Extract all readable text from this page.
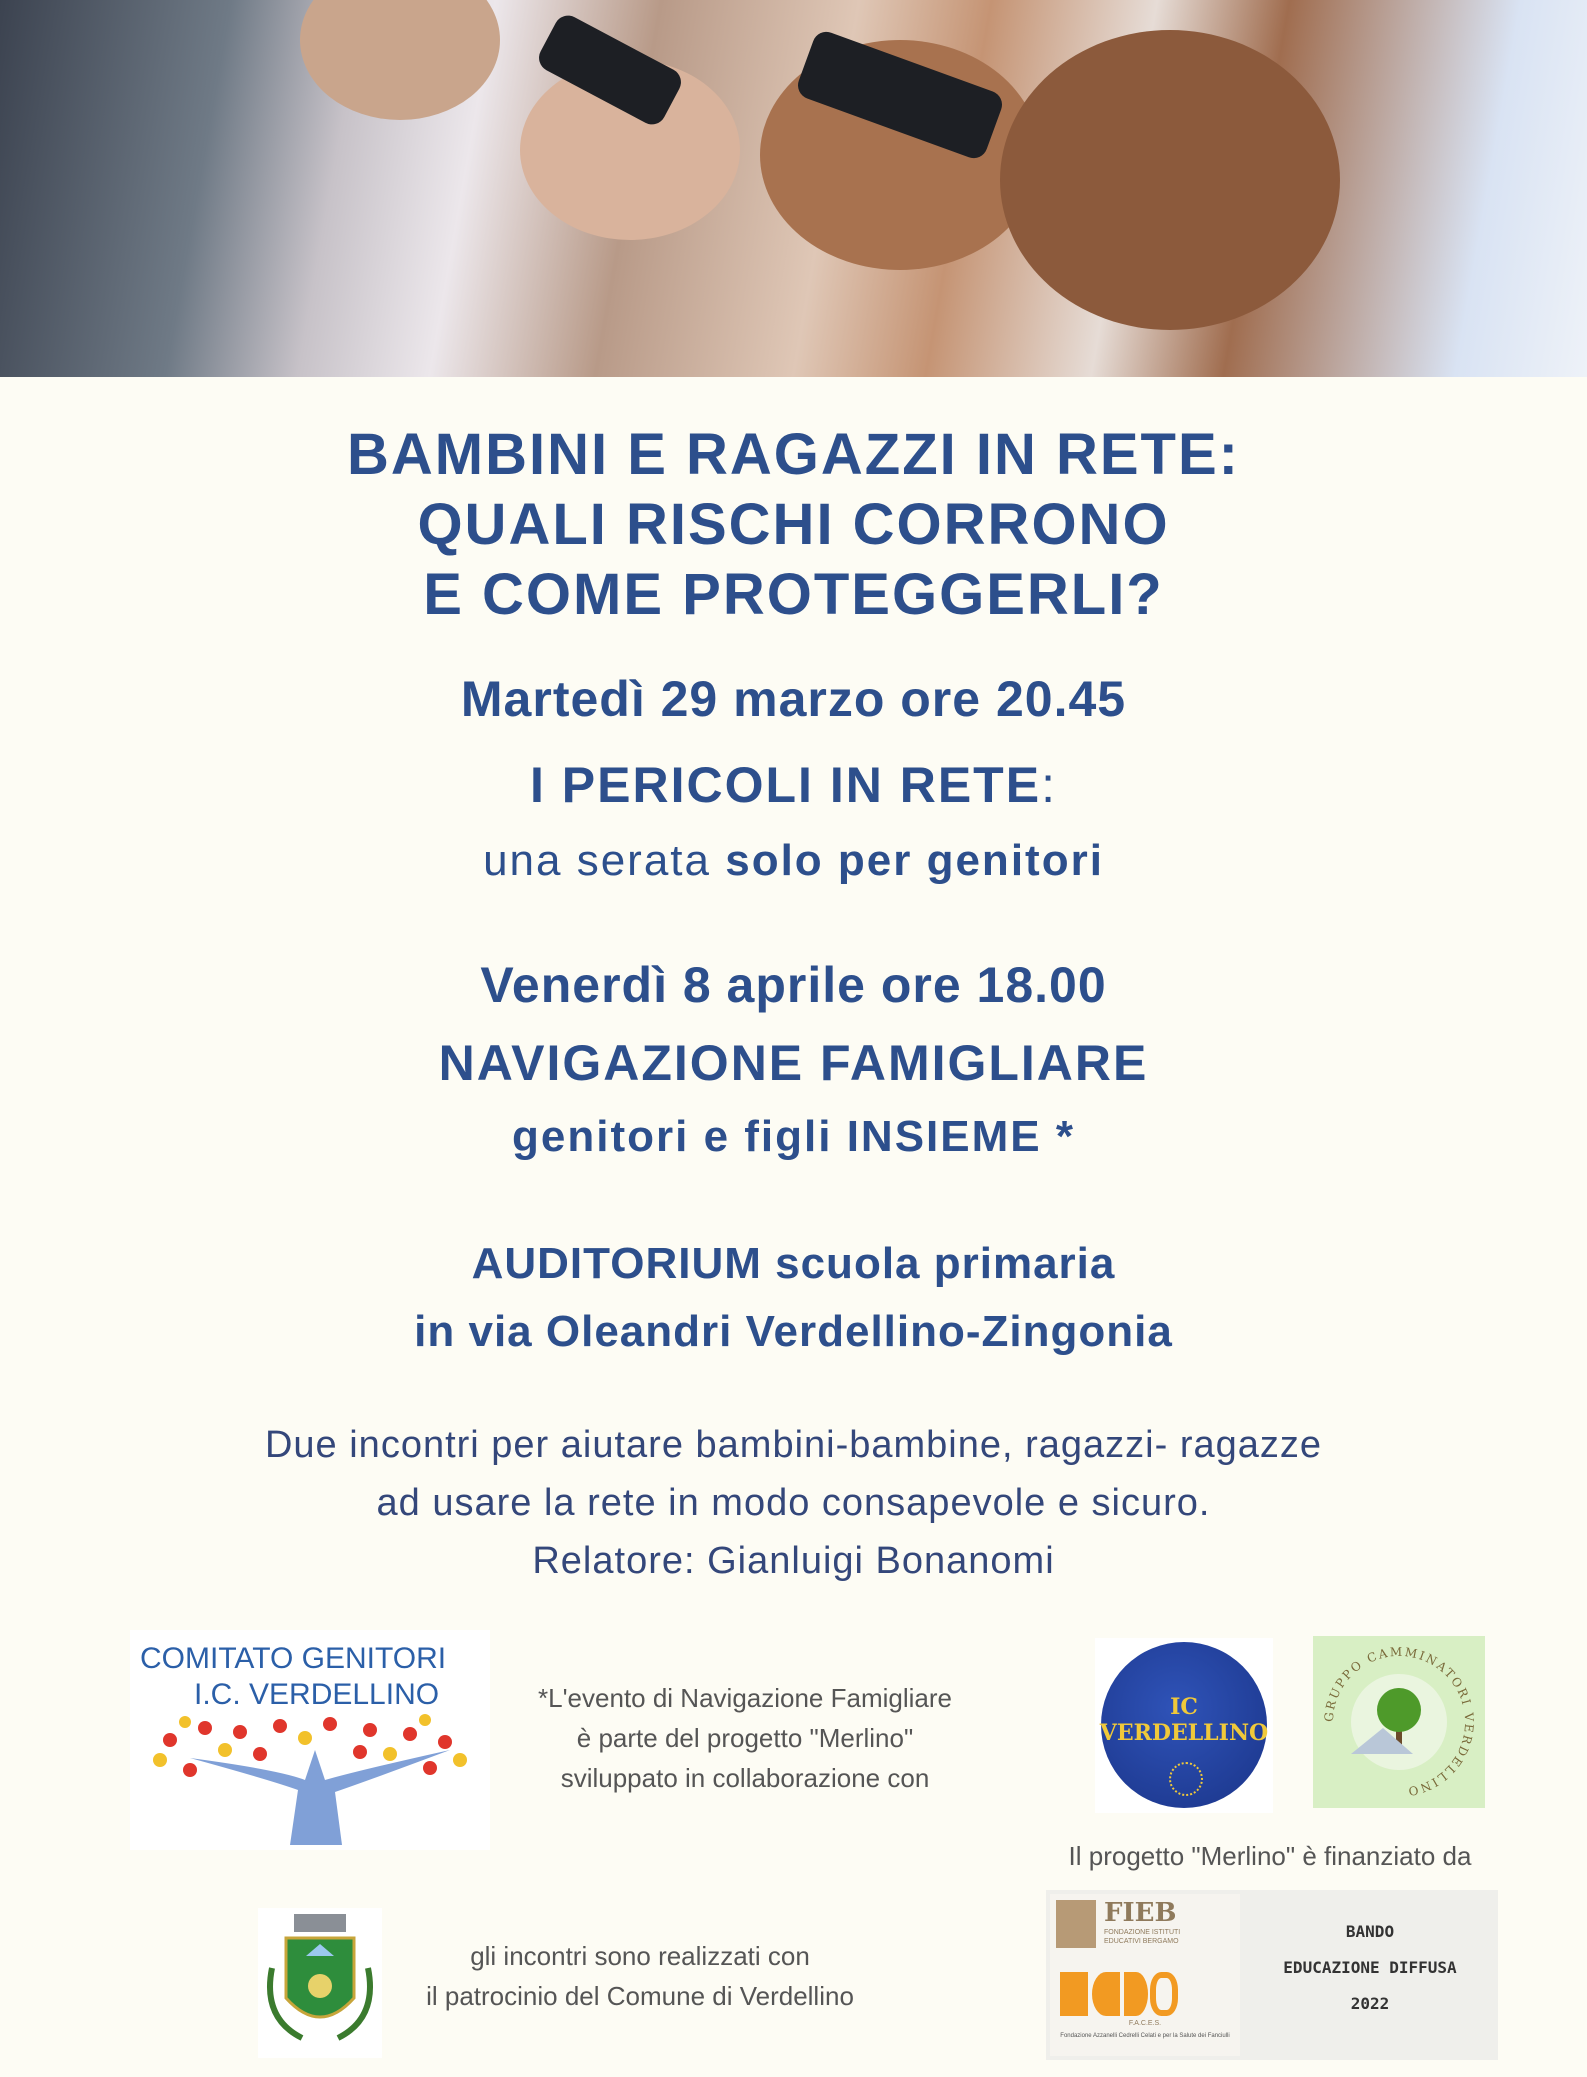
BAMBINI E RAGAZZI IN RETE:
QUALI RISCHI CORRONO
E COME PROTEGGERLI?
Martedì 29 marzo ore 20.45
I PERICOLI IN RETE:
una serata solo per genitori
Venerdì 8 aprile ore 18.00
NAVIGAZIONE FAMIGLIARE
genitori e figli INSIEME *
AUDITORIUM scuola primaria
in via Oleandri Verdellino-Zingonia
Due incontri per aiutare bambini-bambine, ragazzi- ragazze
ad usare la rete in modo consapevole e sicuro.
Relatore: Gianluigi Bonanomi
COMITATO GENITORI
I.C. VERDELLINO	*L'evento di Navigazione Famigliare
è parte del progetto "Merlino"
sviluppato in collaborazione con
IC
VERDELLINO
GRUPPO CAMMINATORI VERDELLINO
Il progetto "Merlino" è finanziato da
gli incontri sono realizzati con
il patrocinio del Comune di Verdellino
FIEB
FONDAZIONE ISTITUTI EDUCATIVI BERGAMO
F.A.C.E.S.
Fondazione Azzanelli Cedrelli Celati e per la Salute dei Fanciulli
BANDO
EDUCAZIONE DIFFUSA
2022
